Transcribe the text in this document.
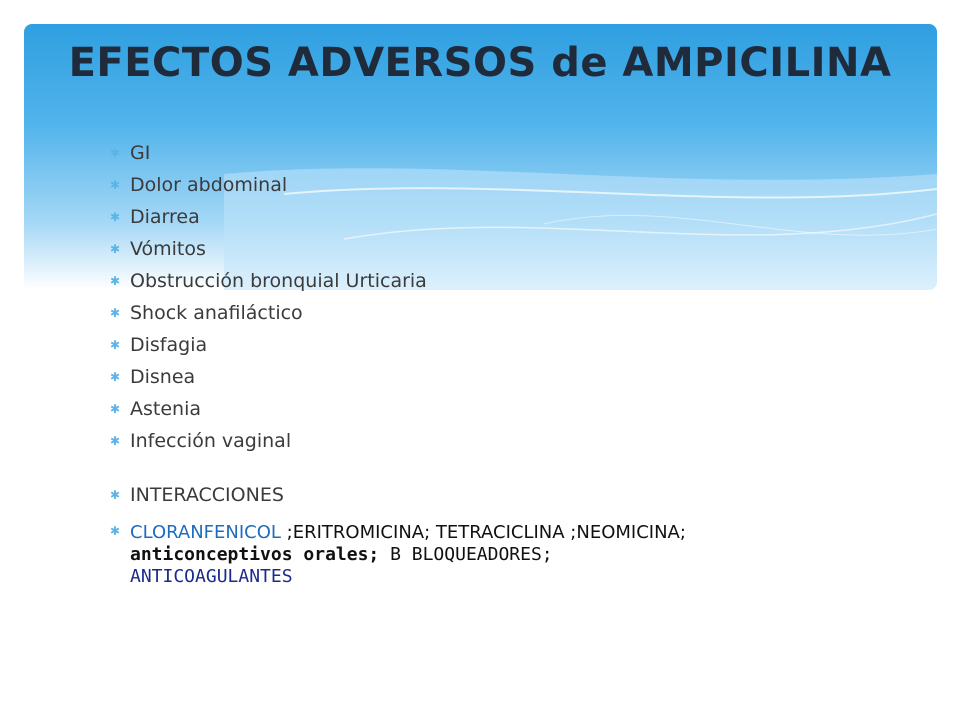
EFECTOS ADVERSOS de AMPICILINA
✱ GI
✱ Dolor abdominal
✱ Diarrea
✱ Vómitos
✱ Obstrucción bronquial Urticaria
✱ Shock anafiláctico
✱ Disfagia
✱ Disnea
✱ Astenia
✱ Infección vaginal
✱ INTERACCIONES
✱ CLORANFENICOL ;ERITROMICINA; TETRACICLINA ;NEOMICINA;
anticonceptivos orales; B BLOQUEADORES;
ANTICOAGULANTES
